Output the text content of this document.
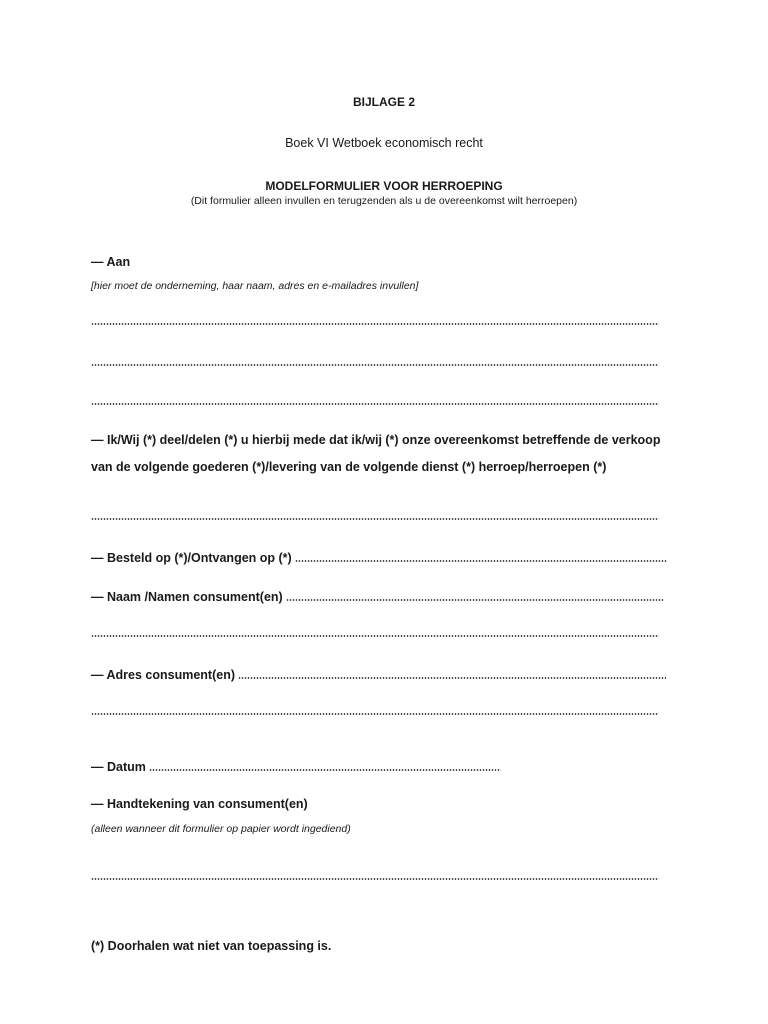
BIJLAGE 2
Boek VI Wetboek economisch recht
MODELFORMULIER VOOR HERROEPING
(Dit formulier alleen invullen en terugzenden als u de overeenkomst wilt herroepen)
— Aan
[hier moet de onderneming, haar naam, adres en e-mailadres invullen]
— Ik/Wij (*) deel/delen (*) u hierbij mede dat ik/wij (*) onze overeenkomst betreffende de verkoop van de volgende goederen (*)/levering van de volgende dienst (*) herroep/herroepen (*)
— Besteld op (*)/Ontvangen op (*)
— Naam /Namen consument(en)
— Adres consument(en)
— Datum
— Handtekening van consument(en)
(alleen wanneer dit formulier op papier wordt ingediend)
(*) Doorhalen wat niet van toepassing is.
